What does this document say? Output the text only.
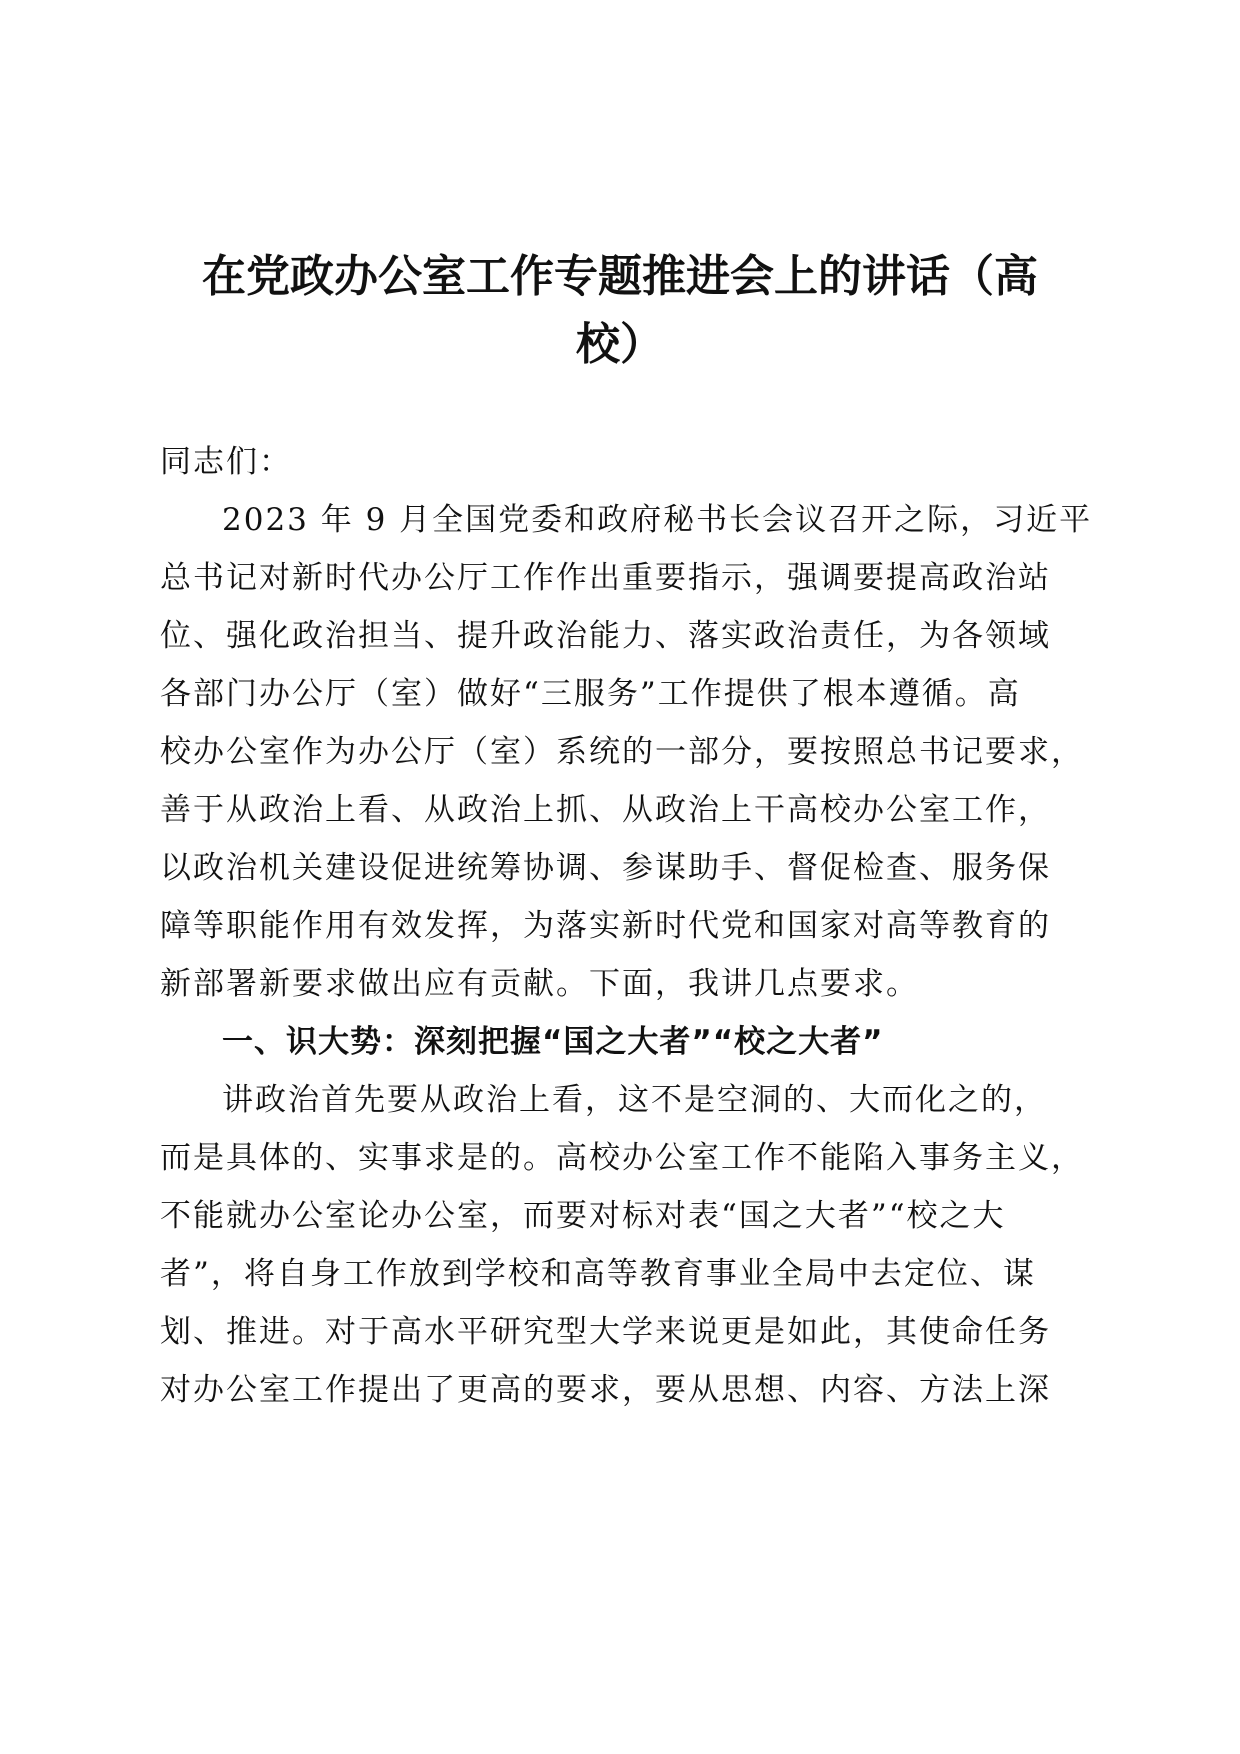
在党政办公室工作专题推进会上的讲话（高
校）
同志们：
2023 年 9 月全国党委和政府秘书长会议召开之际，习近平
总书记对新时代办公厅工作作出重要指示，强调要提高政治站
位、强化政治担当、提升政治能力、落实政治责任，为各领域
各部门办公厅（室）做好“三服务”工作提供了根本遵循。高
校办公室作为办公厅（室）系统的一部分，要按照总书记要求，
善于从政治上看、从政治上抓、从政治上干高校办公室工作，
以政治机关建设促进统筹协调、参谋助手、督促检查、服务保
障等职能作用有效发挥，为落实新时代党和国家对高等教育的
新部署新要求做出应有贡献。下面，我讲几点要求。
一、识大势：深刻把握“国之大者”“校之大者”
讲政治首先要从政治上看，这不是空洞的、大而化之的，
而是具体的、实事求是的。高校办公室工作不能陷入事务主义，
不能就办公室论办公室，而要对标对表“国之大者”“校之大
者”，将自身工作放到学校和高等教育事业全局中去定位、谋
划、推进。对于高水平研究型大学来说更是如此，其使命任务
对办公室工作提出了更高的要求，要从思想、内容、方法上深
